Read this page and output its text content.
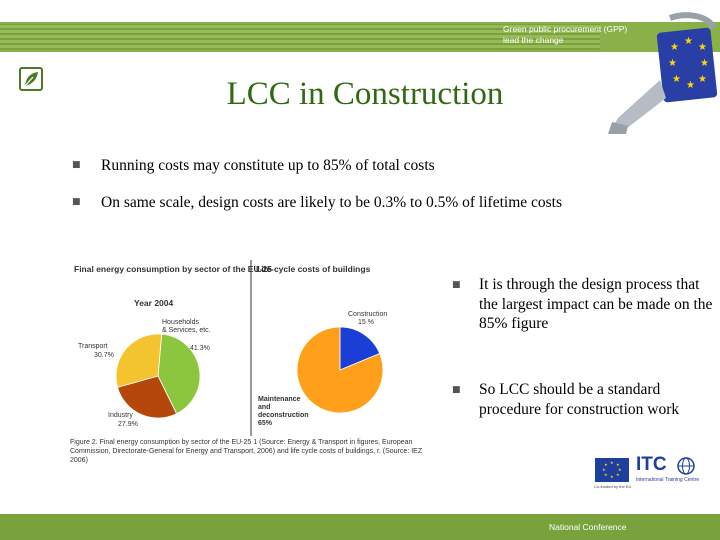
Green public procurement (GPP)
lead the change
LCC in Construction
★
★
★
★ ★
★
★
★
■ Running costs may constitute up to 85% of total costs
■ On same scale, design costs are likely to be 0.3% to 0.5% of lifetime costs
Final energy consumption by sector of the EU-25
Life-cycle costs of buildings
Year 2004
Households
& Services, etc.
41.3%
Transport
30.7%
Industry
27.9%
Construction
15 %
Maintenance
and
deconstruction
65%
Figure 2. Final energy consumption by sector of the EU-25 1 (Source: Energy & Transport in figures, European Commission, Directorate-General for Energy and Transport, 2006) and life cycle costs of buildings, r. (Source: IEZ 2006)
■ It is through the design process that the largest impact can be made on the 85% figure
■ So LCC should be a standard procedure for construction work
★ ★
★
★
★
★
★
★
Co-funded by the EU
ITC
International Training Centre
National Conference
